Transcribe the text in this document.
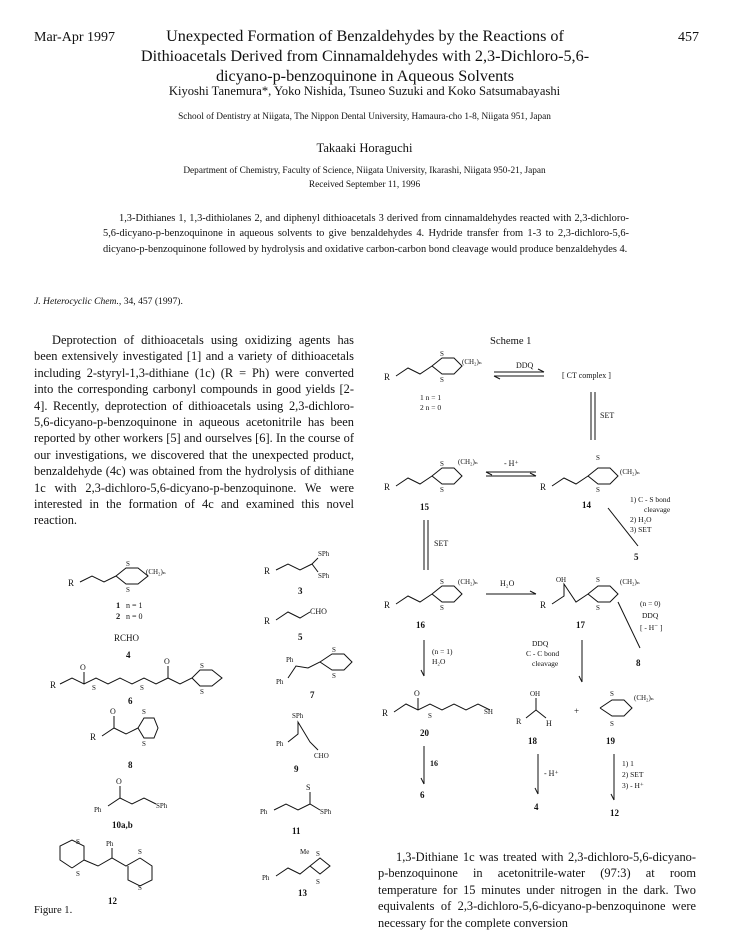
Mar-Apr 1997	457
Unexpected Formation of Benzaldehydes by the Reactions of Dithioacetals Derived from Cinnamaldehydes with 2,3-Dichloro-5,6-dicyano-p-benzoquinone in Aqueous Solvents
Kiyoshi Tanemura*, Yoko Nishida, Tsuneo Suzuki and Koko Satsumabayashi
School of Dentistry at Niigata, The Nippon Dental University, Hamaura-cho 1-8, Niigata 951, Japan
Takaaki Horaguchi
Department of Chemistry, Faculty of Science, Niigata University, Ikarashi, Niigata 950-21, Japan
Received September 11, 1996
1,3-Dithianes 1, 1,3-dithiolanes 2, and diphenyl dithioacetals 3 derived from cinnamaldehydes reacted with 2,3-dichloro-5,6-dicyano-p-benzoquinone in aqueous solvents to give benzaldehydes 4. Hydride transfer from 1-3 to 2,3-dichloro-5,6-dicyano-p-benzoquinone followed by hydrolysis and oxidative carbon-carbon bond cleavage would produce benzaldehydes 4.
J. Heterocyclic Chem., 34, 457 (1997).
Deprotection of dithioacetals using oxidizing agents has been extensively investigated [1] and a variety of dithioacetals including 2-styryl-1,3-dithiane (1c) (R = Ph) were converted into the corresponding carbonyl compounds in good yields [2-4]. Recently, deprotection of dithioacetals using 2,3-dichloro-5,6-dicyano-p-benzoquinone in aqueous acetonitrile has been reported by other workers [5] and ourselves [6]. In the course of our investigations, we discovered that the unexpected product, benzaldehyde (4c) was obtained from the hydrolysis of dithiane 1c with 2,3-dichloro-5,6-dicyano-p-benzoquinone. We were interested in the formation of 4c and examined this novel reaction.
1,3-Dithiane 1c was treated with 2,3-dichloro-5,6-dicyano-p-benzoquinone in acetonitrile-water (97:3) at room temperature for 15 minutes under nitrogen in the dark. Two equivalents of 2,3-dichloro-5,6-dicyano-p-benzoquinone were necessary for the complete conversion
Figure 1.
Scheme 1
R
S
S
(CH₂)ₙ
1 n = 1
2 n = 0
RCHO
4
R
SPh
SPh
3
R
CHO
5
R
O
S	S
O	S
S
6
Ph
Ph
S
S
7
R
O	S
S
8
Ph
SPh
CHO
9
Ph
O
SPh
10a,b
Ph
S
SPh
11
Ph
S
S
S
S
12
Ph
Me S
S
13
R
S
S
(CH₂)ₙ
1 n = 1
2 n = 0
DDQ
[ CT complex ]
SET
R
S
S
(CH₂)ₙ
15
- H⁺
R
S
S
(CH₂)ₙ
14
1) C - S bond
cleavage
2) H₂O
3) SET
5
SET
R
S
S
(CH₂)ₙ
16
H₂O
R
OH	S
S
(CH₂)ₙ
17
(n = 0)
DDQ
[ - H⁻ ]
8
(n = 1)
H₂O
DDQ
C - C bond
cleavage
R
O
S	SH
20
OH
R	H
18
+
S
S
(CH₂)ₙ
19
16
6
- H⁺
4
1) 1
2) SET
3) - H⁺
12
